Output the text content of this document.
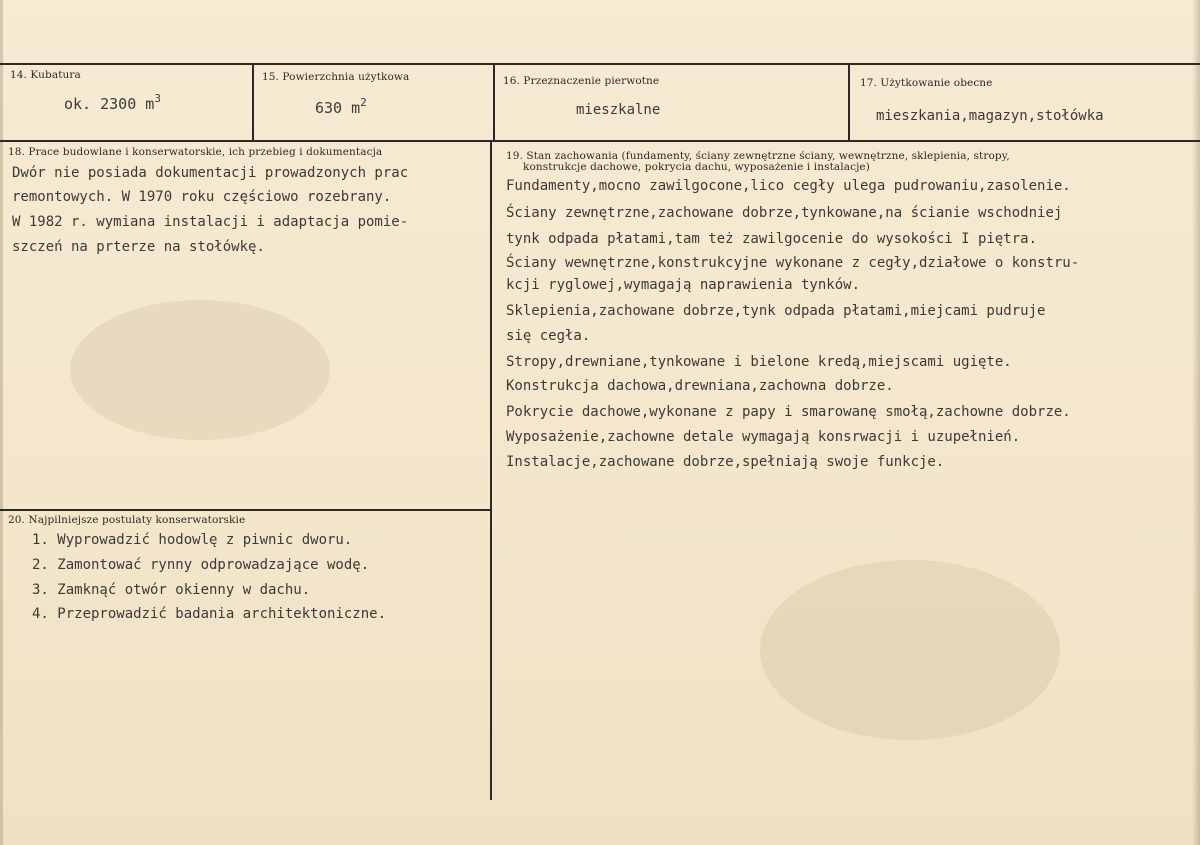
14. Kubatura
ok. 2300 $m^3$
15. Powierzchnia użytkowa
630 $m^2$
16. Przeznaczenie pierwotne
mieszkalne
17. Użytkowanie obecne
mieszkania,magazyn,stołówka
18. Prace budowlane i konserwatorskie, ich przebieg i dokumentacja
Dwór nie posiada dokumentacji prowadzonych prac
remontowych. W 1970 roku częściowo rozebrany.
W 1982 r. wymiana instalacji i adaptacja pomie-
szczeń na prterze na stołówkę.
19. Stan zachowania (fundamenty, ściany zewnętrzne ściany, wewnętrzne, sklepienia, stropy,
konstrukcje dachowe, pokrycia dachu, wyposażenie i instalacje)
Fundamenty,mocno zawilgocone,lico cegły ulega pudrowaniu,zasolenie.
Ściany zewnętrzne,zachowane dobrze,tynkowane,na ścianie wschodniej
tynk odpada płatami,tam też zawilgocenie do wysokości I piętra.
Ściany wewnętrzne,konstrukcyjne wykonane z cegły,działowe o konstru-
kcji ryglowej,wymagają naprawienia tynków.
Sklepienia,zachowane dobrze,tynk odpada płatami,miejcami pudruje
się cegła.
Stropy,drewniane,tynkowane i bielone kredą,miejscami ugięte.
Konstrukcja dachowa,drewniana,zachowna dobrze.
Pokrycie dachowe,wykonane z papy i smarowanę smołą,zachowne dobrze.
Wyposażenie,zachowne detale wymagają konsrwacji i uzupełnień.
Instalacje,zachowane dobrze,spełniają swoje funkcje.
20. Najpilniejsze postulaty konserwatorskie
1. Wyprowadzić hodowlę z piwnic dworu.
2. Zamontować rynny odprowadzające wodę.
3. Zamknąć otwór okienny w dachu.
4. Przeprowadzić badania architektoniczne.
